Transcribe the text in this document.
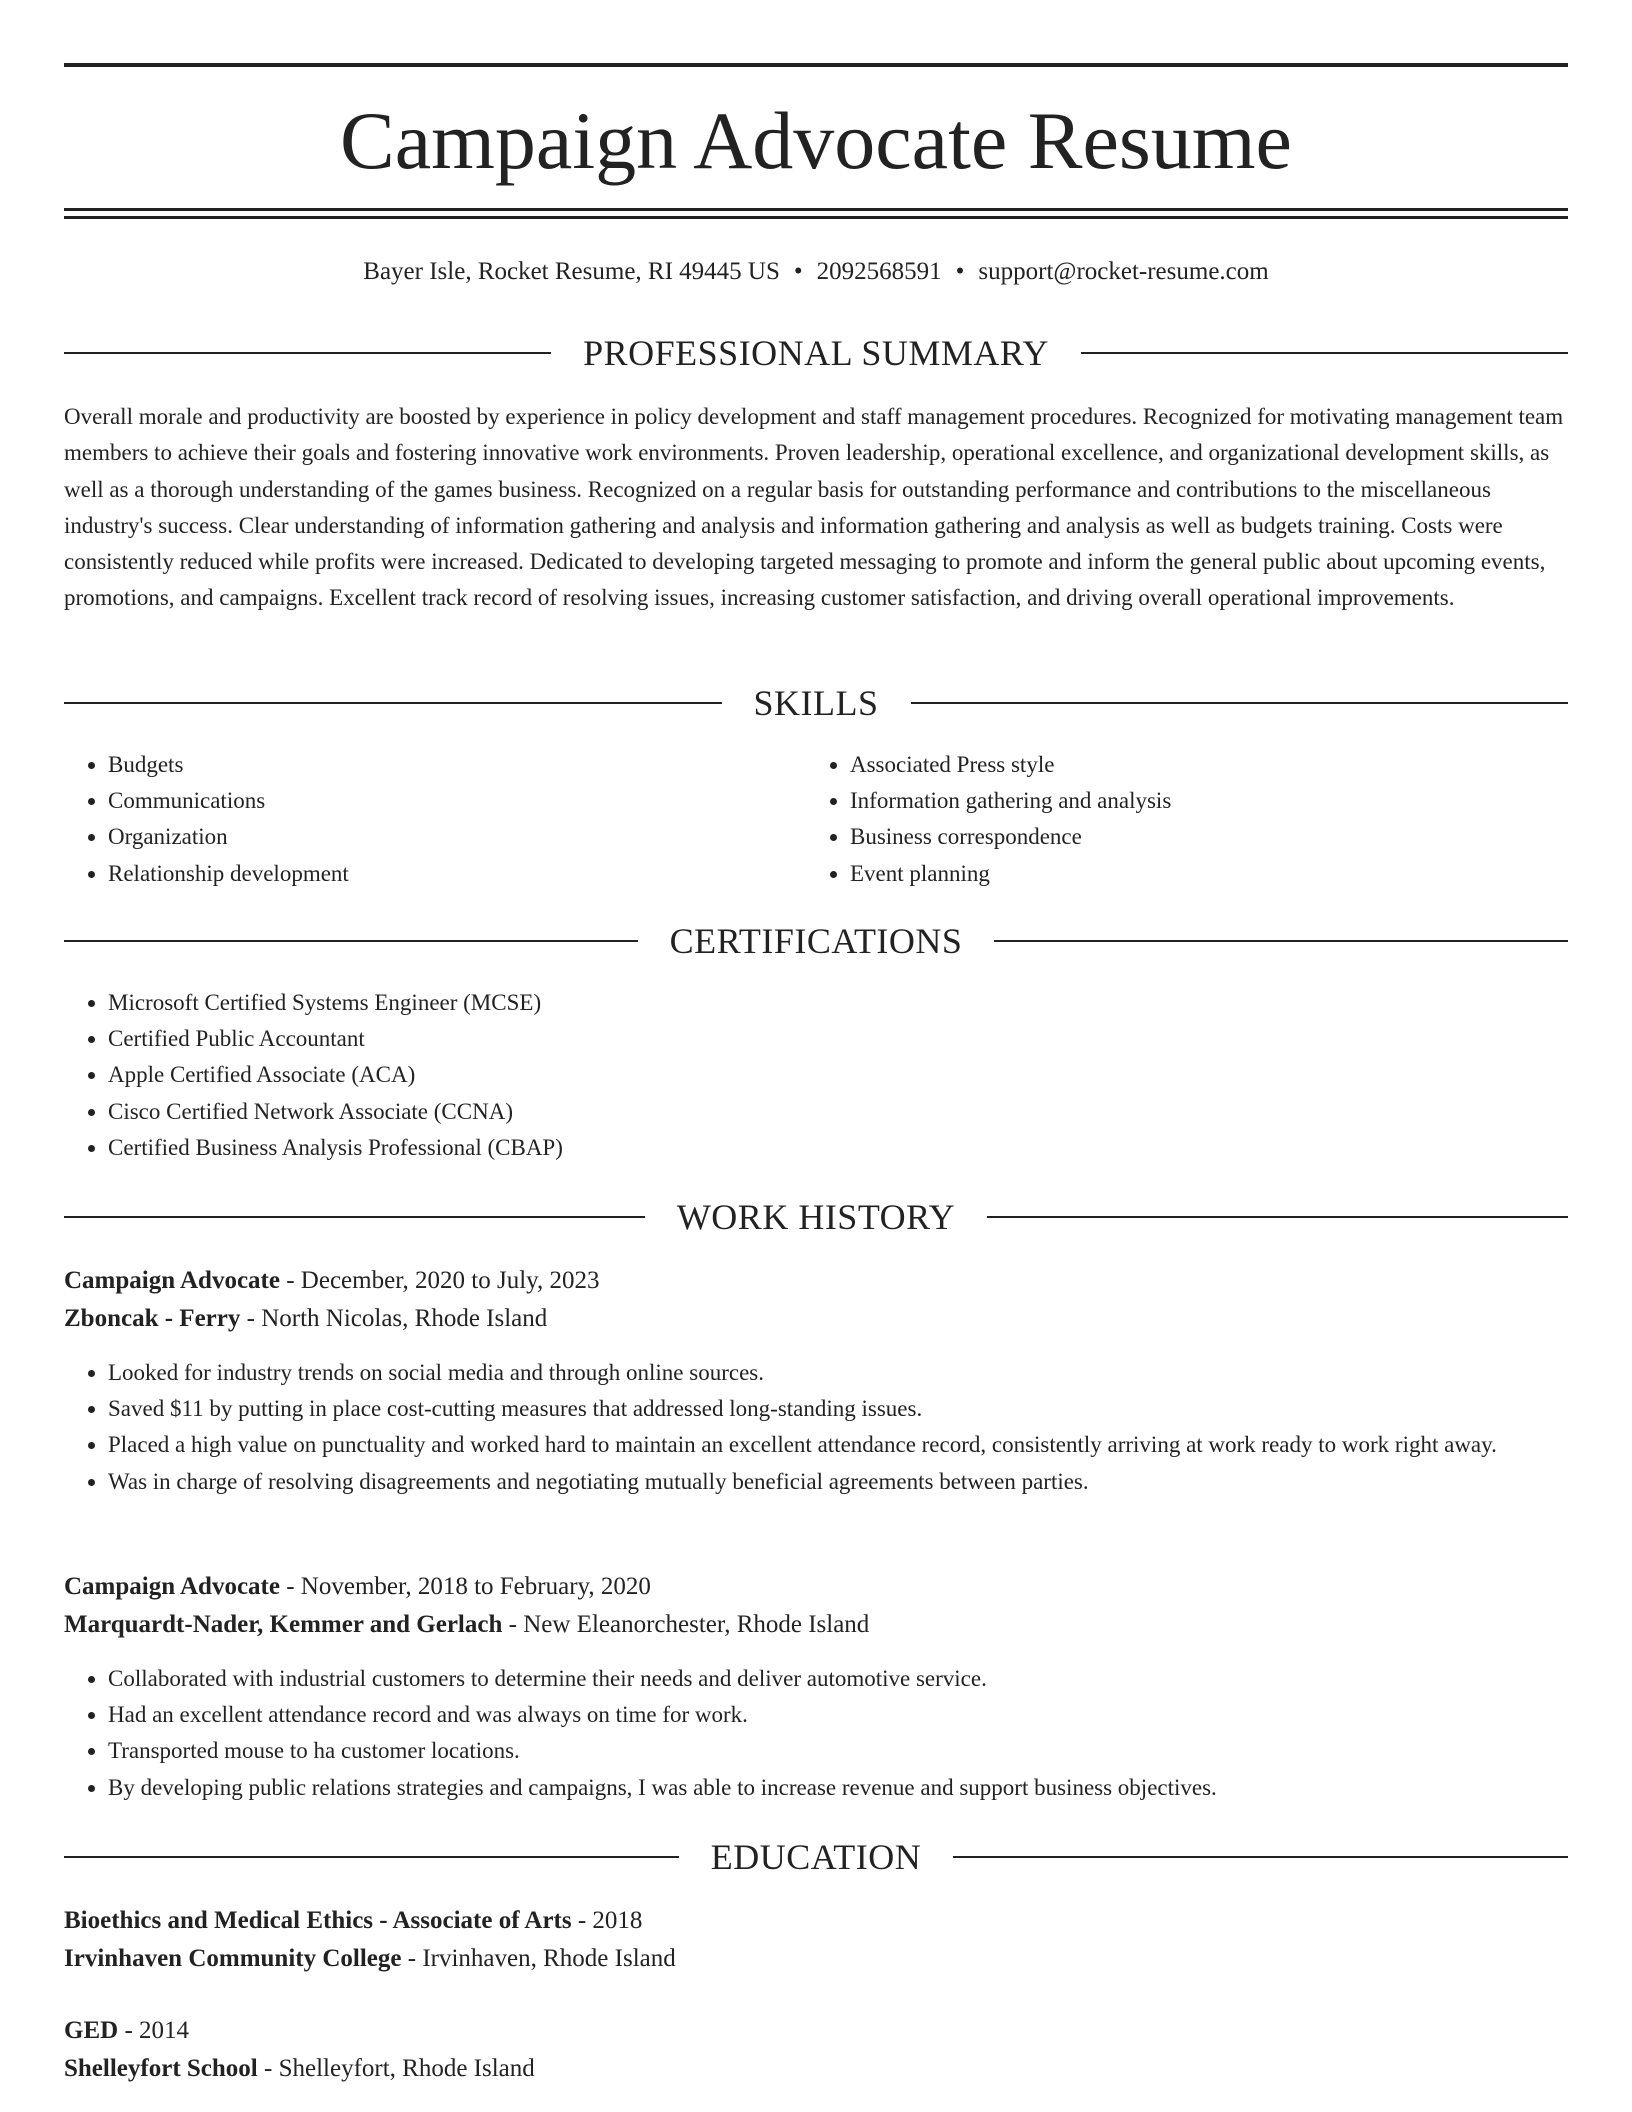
Campaign Advocate Resume
Bayer Isle, Rocket Resume, RI 49445 US • 2092568591 • support@rocket-resume.com
PROFESSIONAL SUMMARY
Overall morale and productivity are boosted by experience in policy development and staff management procedures. Recognized for motivating management team members to achieve their goals and fostering innovative work environments. Proven leadership, operational excellence, and organizational development skills, as well as a thorough understanding of the games business. Recognized on a regular basis for outstanding performance and contributions to the miscellaneous industry's success. Clear understanding of information gathering and analysis and information gathering and analysis as well as budgets training. Costs were consistently reduced while profits were increased. Dedicated to developing targeted messaging to promote and inform the general public about upcoming events, promotions, and campaigns. Excellent track record of resolving issues, increasing customer satisfaction, and driving overall operational improvements.
SKILLS
• Budgets
• Communications
• Organization
• Relationship development
• Associated Press style
• Information gathering and analysis
• Business correspondence
• Event planning
CERTIFICATIONS
• Microsoft Certified Systems Engineer (MCSE)
• Certified Public Accountant
• Apple Certified Associate (ACA)
• Cisco Certified Network Associate (CCNA)
• Certified Business Analysis Professional (CBAP)
WORK HISTORY
Campaign Advocate - December, 2020 to July, 2023
Zboncak - Ferry - North Nicolas, Rhode Island
• Looked for industry trends on social media and through online sources.
• Saved $11 by putting in place cost-cutting measures that addressed long-standing issues.
• Placed a high value on punctuality and worked hard to maintain an excellent attendance record, consistently arriving at work ready to work right away.
• Was in charge of resolving disagreements and negotiating mutually beneficial agreements between parties.
Campaign Advocate - November, 2018 to February, 2020
Marquardt-Nader, Kemmer and Gerlach - New Eleanorchester, Rhode Island
• Collaborated with industrial customers to determine their needs and deliver automotive service.
• Had an excellent attendance record and was always on time for work.
• Transported mouse to ha customer locations.
• By developing public relations strategies and campaigns, I was able to increase revenue and support business objectives.
EDUCATION
Bioethics and Medical Ethics - Associate of Arts - 2018
Irvinhaven Community College - Irvinhaven, Rhode Island
GED - 2014
Shelleyfort School - Shelleyfort, Rhode Island
